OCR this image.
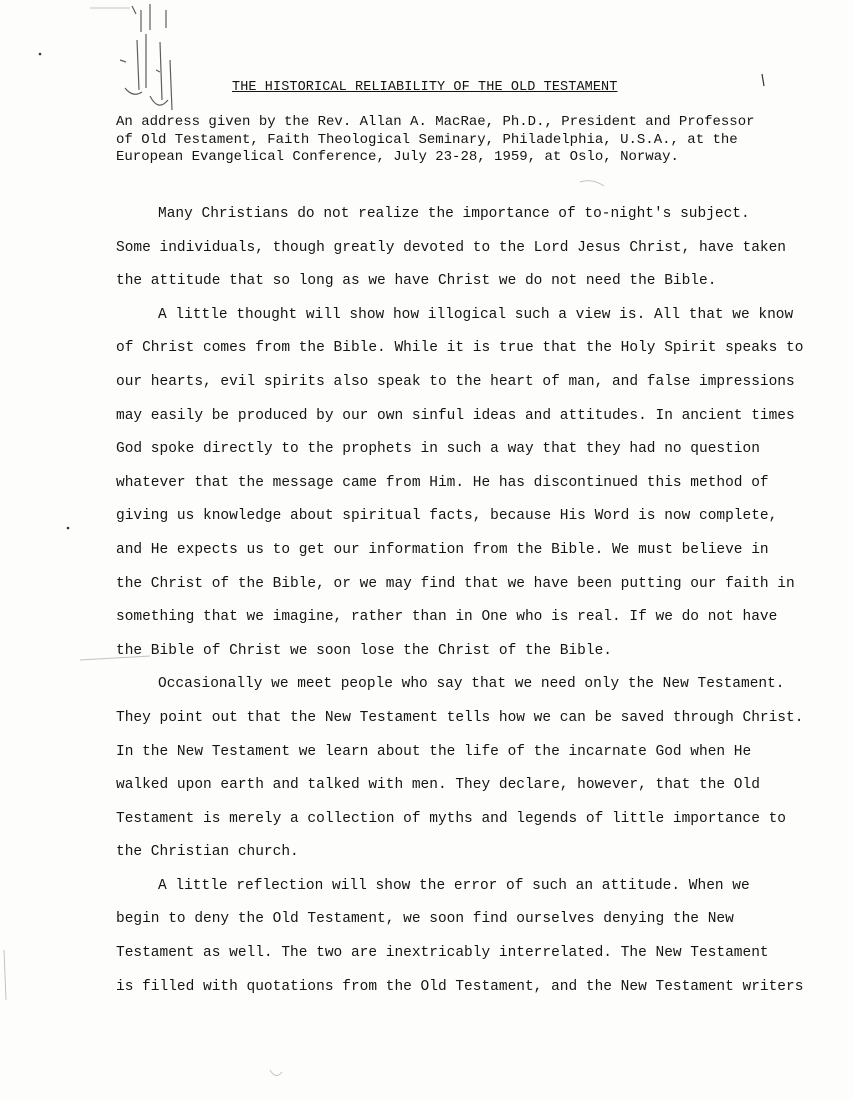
THE HISTORICAL RELIABILITY OF THE OLD TESTAMENT
An address given by the Rev. Allan A. MacRae, Ph.D., President and Professor
of Old Testament, Faith Theological Seminary, Philadelphia, U.S.A., at the
European Evangelical Conference, July 23-28, 1959, at Oslo, Norway.
Many Christians do not realize the importance of to-night's subject.
Some individuals, though greatly devoted to the Lord Jesus Christ, have taken
the attitude that so long as we have Christ we do not need the Bible.
A little thought will show how illogical such a view is. All that we know
of Christ comes from the Bible. While it is true that the Holy Spirit speaks to
our hearts, evil spirits also speak to the heart of man, and false impressions
may easily be produced by our own sinful ideas and attitudes. In ancient times
God spoke directly to the prophets in such a way that they had no question
whatever that the message came from Him. He has discontinued this method of
giving us knowledge about spiritual facts, because His Word is now complete,
and He expects us to get our information from the Bible. We must believe in
the Christ of the Bible, or we may find that we have been putting our faith in
something that we imagine, rather than in One who is real. If we do not have
the Bible of Christ we soon lose the Christ of the Bible.
Occasionally we meet people who say that we need only the New Testament.
They point out that the New Testament tells how we can be saved through Christ.
In the New Testament we learn about the life of the incarnate God when He
walked upon earth and talked with men. They declare, however, that the Old
Testament is merely a collection of myths and legends of little importance to
the Christian church.
A little reflection will show the error of such an attitude. When we
begin to deny the Old Testament, we soon find ourselves denying the New
Testament as well. The two are inextricably interrelated. The New Testament
is filled with quotations from the Old Testament, and the New Testament writers
